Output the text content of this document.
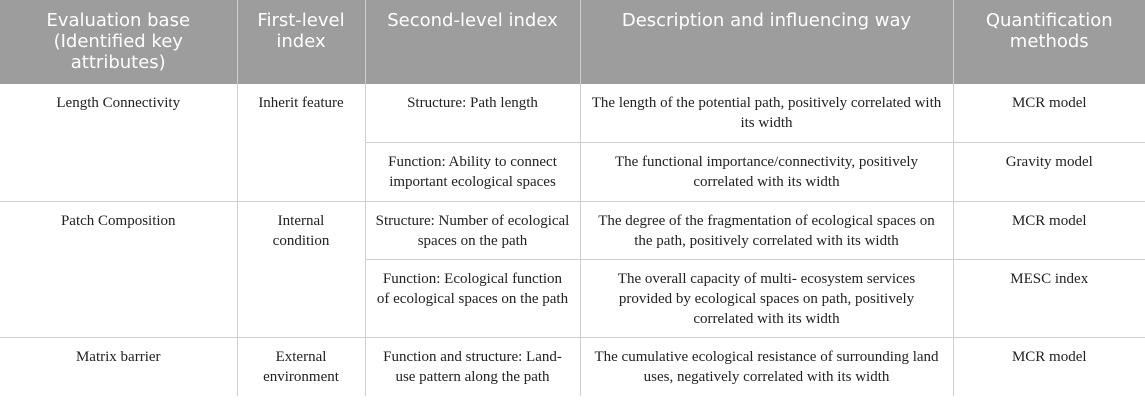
Evaluation base (Identified key attributes)	First-level index	Second-level index	Description and influencing way	Quantification methods
Length Connectivity	Inherit feature	Structure: Path length	The length of the potential path, positively correlated with its width	MCR model
		Function: Ability to connect important ecological spaces	The functional importance/connectivity, positively correlated with its width	Gravity model
Patch Composition	Internal condition	Structure: Number of ecological spaces on the path	The degree of the fragmentation of ecological spaces on the path, positively correlated with its width	MCR model
		Function: Ecological function of ecological spaces on the path	The overall capacity of multi- ecosystem services provided by ecological spaces on path, positively correlated with its width	MESC index
Matrix barrier	External environment	Function and structure: Land-use pattern along the path	The cumulative ecological resistance of surrounding land uses, negatively correlated with its width	MCR model
